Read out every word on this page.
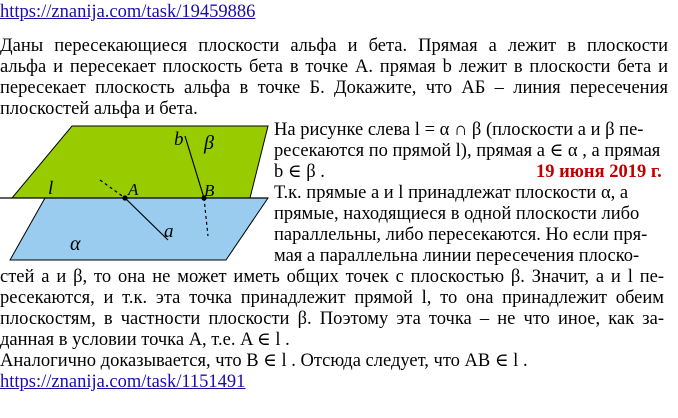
https://znanija.com/task/19459886
Даны пересекающиеся плоскости альфа и бета. Прямая a лежит в плоскости
альфа и пересекает плоскость бета в точке A. прямая b лежит в плоскости бета и
пересекает плоскость альфа в точке Б. Докажите, что АБ – линия пересечения
плоскостей альфа и бета.
b β
l	A	B
a
α
На рисунке слева l = α ∩ β (плоскости a и β пе-
ресекаются по прямой l), прямая a ∈ α , а прямая
b ∈ β .	19 июня 2019 г.
Т.к. прямые a и l принадлежат плоскости α, а
прямые, находящиеся в одной плоскости либо
параллельны, либо пересекаются. Но если пря-
мая a параллельна линии пересечения плоско-
стей a и β, то она не может иметь общих точек с плоскостью β. Значит, a и l пе-
ресекаются, и т.к. эта точка принадлежит прямой l, то она принадлежит обеим
плоскостям, в частности плоскости β. Поэтому эта точка – не что иное, как за-
данная в условии точка A, т.е. A ∈ l .
Аналогично доказывается, что B ∈ l . Отсюда следует, что AB ∈ l .
https://znanija.com/task/1151491
